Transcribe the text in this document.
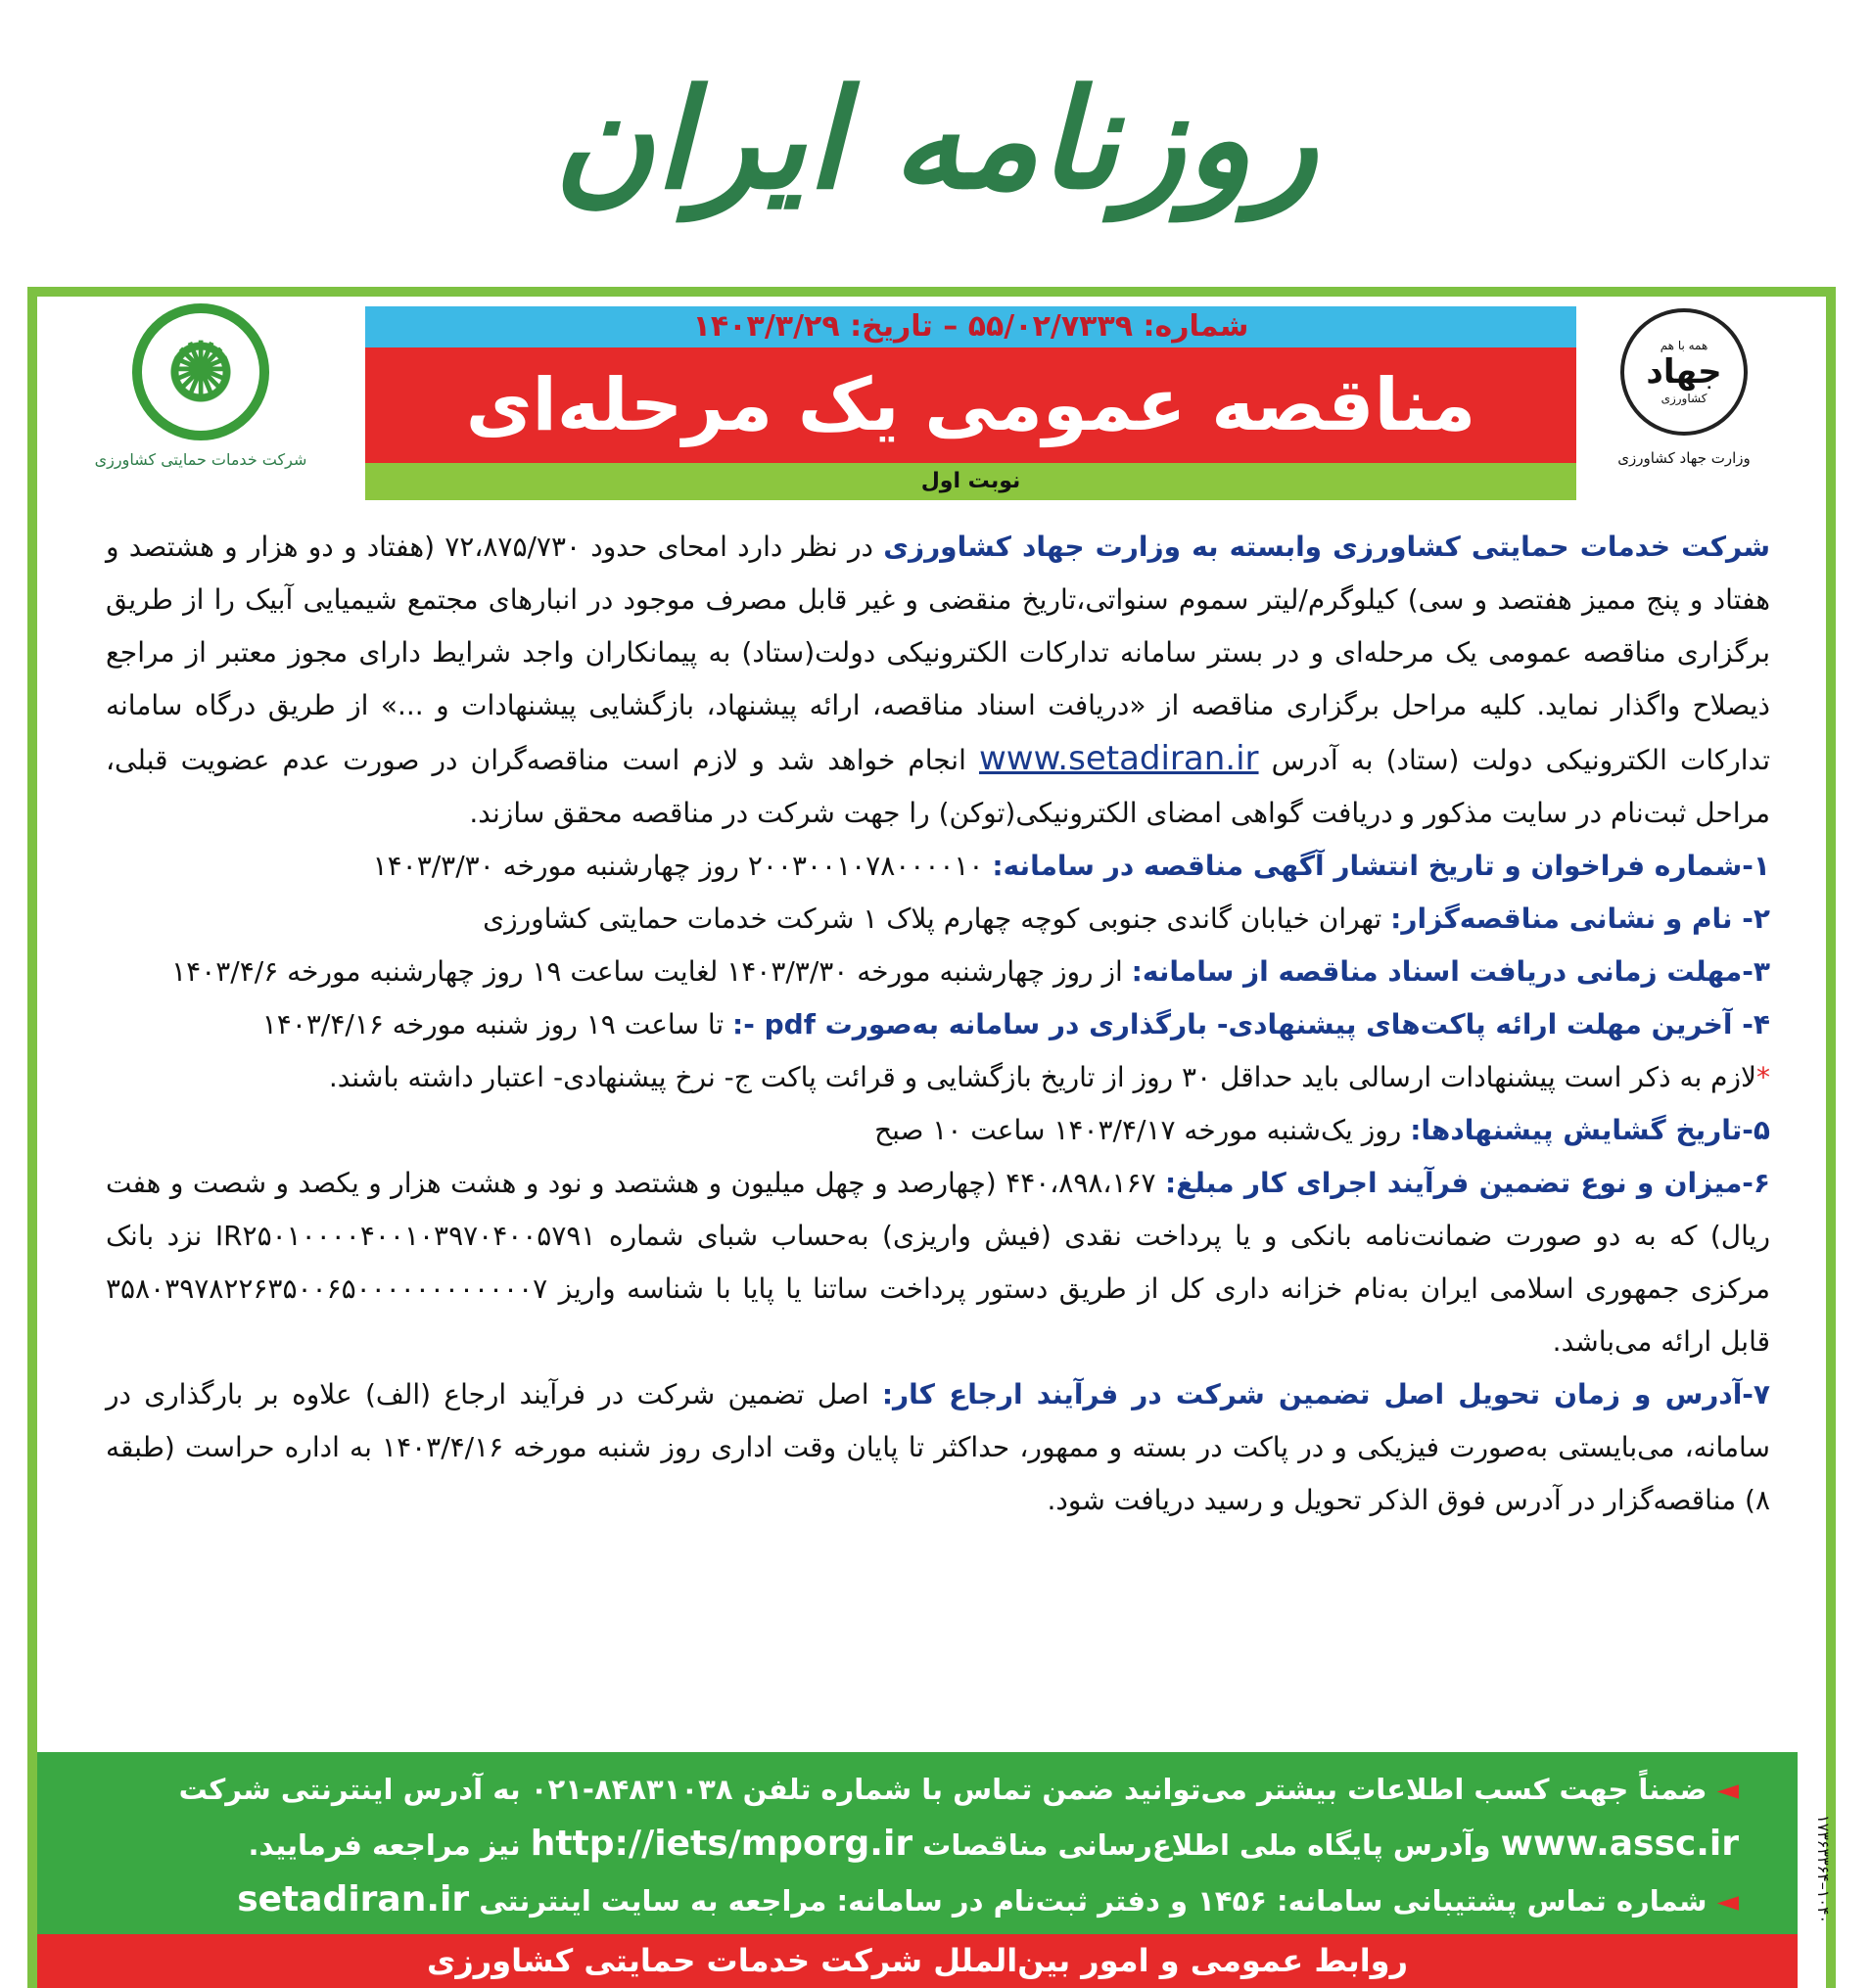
روزنامه ایران
✺
شرکت خدمات حمایتی کشاورزی
همه با هم
جهاد
کشاورزی
وزارت جهاد کشاورزی
شماره: ۵۵/۰۲/۷۳۳۹ – تاریخ: ۱۴۰۳/۳/۲۹
مناقصه عمومی یک مرحله‌ای
نوبت اول

شرکت خدمات حمایتی کشاورزی وابسته به وزارت جهاد کشاورزی در نظر دارد امحای حدود ۷۲،۸۷۵/۷۳۰ (هفتاد و دو هزار و هشتصد و هفتاد و پنج ممیز هفتصد و سی) کیلوگرم/لیتر سموم سنواتی،تاریخ منقضی و غیر قابل مصرف موجود در انبارهای مجتمع شیمیایی آبیک را از طریق برگزاری مناقصه عمومی یک مرحله‌ای و در بستر سامانه تدارکات الکترونیکی دولت(ستاد) به پیمانکاران واجد شرایط دارای مجوز معتبر از مراجع ذیصلاح واگذار نماید. کلیه مراحل برگزاری مناقصه از «دریافت اسناد مناقصه، ارائه پیشنهاد، بازگشایی پیشنهادات و ...» از طریق درگاه سامانه تدارکات الکترونیکی دولت (ستاد) به آدرس www.setadiran.ir انجام خواهد شد و لازم است مناقصه‌گران در صورت عدم عضویت قبلی، مراحل ثبت‌نام در سایت مذکور و دریافت گواهی امضای الکترونیکی(توکن) را جهت شرکت در مناقصه محقق سازند.

۱-شماره فراخوان و تاریخ انتشار آگهی مناقصه در سامانه: ۲۰۰۳۰۰۱۰۷۸۰۰۰۰۱۰ روز چهارشنبه مورخه ۱۴۰۳/۳/۳۰

۲- نام و نشانی مناقصه‌گزار: تهران خیابان گاندی جنوبی کوچه چهارم پلاک ۱ شرکت خدمات حمایتی کشاورزی

۳-مهلت زمانی دریافت اسناد مناقصه از سامانه: از روز چهارشنبه مورخه ۱۴۰۳/۳/۳۰ لغایت ساعت ۱۹ روز چهارشنبه مورخه ۱۴۰۳/۴/۶

۴- آخرین مهلت ارائه پاکت‌های پیشنهادی- بارگذاری در سامانه به‌صورت pdf -: تا ساعت ۱۹ روز شنبه مورخه ۱۴۰۳/۴/۱۶

*لازم به ذکر است پیشنهادات ارسالی باید حداقل ۳۰ روز از تاریخ بازگشایی و قرائت پاکت ج- نرخ پیشنهادی- اعتبار داشته باشند.

۵-تاریخ گشایش پیشنهادها: روز یک‌شنبه مورخه ۱۴۰۳/۴/۱۷ ساعت ۱۰ صبح

۶-میزان و نوع تضمین فرآیند اجرای کار مبلغ: ۴۴۰،۸۹۸،۱۶۷ (چهارصد و چهل میلیون و هشتصد و نود و هشت هزار و یکصد و شصت و هفت ریال) که به دو صورت ضمانت‌نامه بانکی و یا پرداخت نقدی (فیش واریزی) به‌حساب شبای شماره IR۲۵۰۱۰۰۰۰۴۰۰۱۰۳۹۷۰۴۰۰۵۷۹۱ نزد بانک مرکزی جمهوری اسلامی ایران به‌نام خزانه داری کل از طریق دستور پرداخت ساتنا یا پایا با شناسه واریز ۳۵۸۰۳۹۷۸۲۲۶۳۵۰۰۶۵۰۰۰۰۰۰۰۰۰۰۰۰۷ قابل ارائه می‌باشد.

۷-آدرس و زمان تحویل اصل تضمین شرکت در فرآیند ارجاع کار: اصل تضمین شرکت در فرآیند ارجاع (الف) علاوه بر بارگذاری در سامانه، می‌بایستی به‌صورت فیزیکی و در پاکت در بسته و ممهور، حداکثر تا پایان وقت اداری روز شنبه مورخه ۱۴۰۳/۴/۱۶ به اداره حراست (طبقه ۸) مناقصه‌گزار در آدرس فوق الذکر تحویل و رسید دریافت شود.

◄ ضمناً جهت کسب اطلاعات بیشتر می‌توانید ضمن تماس با شماره تلفن ۸۴۸۳۱۰۳۸-۰۲۱ به آدرس اینترنتی شرکت
www.assc.ir وآدرس پایگاه ملی اطلاع‌رسانی مناقصات http://iets/mporg.ir نیز مراجعه فرمایید.
◄ شماره تماس پشتیبانی سامانه: ۱۴۵۶ و دفتر ثبت‌نام در سامانه: مراجعه به سایت اینترنتی setadiran.ir
روابط عمومی و امور بین‌الملل شرکت خدمات حمایتی کشاورزی
۱۰۴۰–۱۷۳۶۳۳۶۴
